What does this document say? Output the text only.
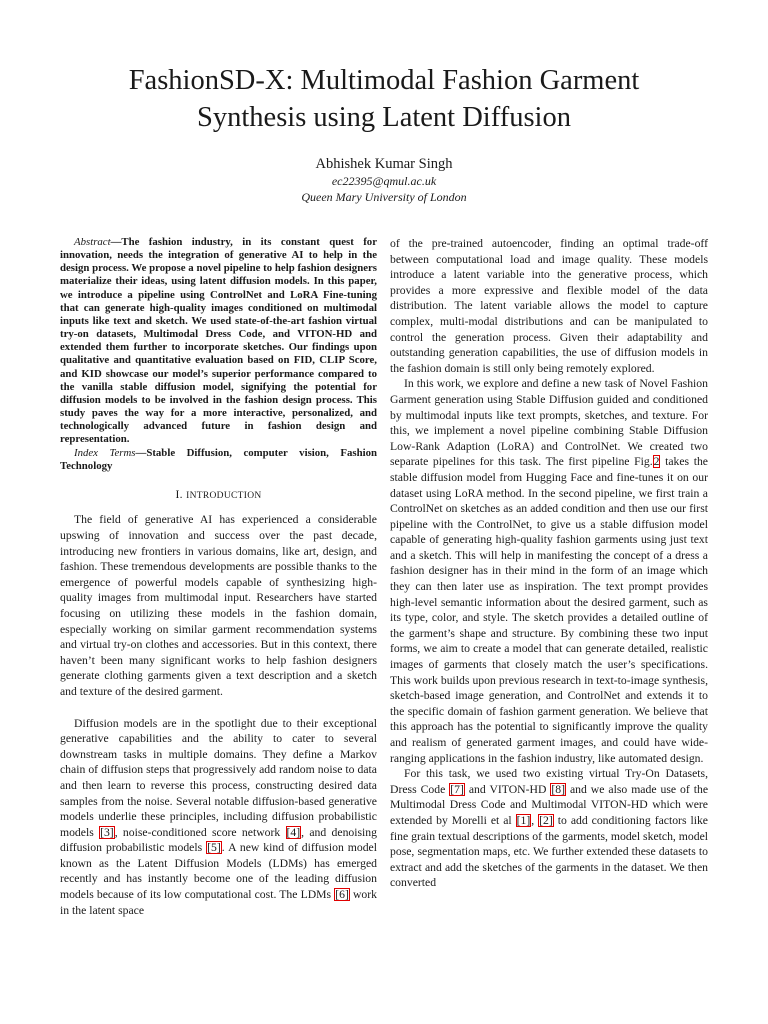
FashionSD-X: Multimodal Fashion Garment
Synthesis using Latent Diffusion
Abhishek Kumar Singh
ec22395@qmul.ac.uk
Queen Mary University of London

Abstract—The fashion industry, in its constant quest for innovation, needs the integration of generative AI to help in the design process. We propose a novel pipeline to help fashion designers materialize their ideas, using latent diffusion models. In this paper, we introduce a pipeline using ControlNet and LoRA Fine-tuning that can generate high-quality images conditioned on multimodal inputs like text and sketch. We used state-of-the-art fashion virtual try-on datasets, Multimodal Dress Code, and VITON-HD and extended them further to incorporate sketches. Our findings upon qualitative and quantitative evaluation based on FID, CLIP Score, and KID showcase our model’s superior performance compared to the vanilla stable diffusion model, signifying the potential for diffusion models to be involved in the fashion design process. This study paves the way for a more interactive, personalized, and technologically advanced future in fashion design and representation.

Index Terms—Stable Diffusion, computer vision, Fashion Technology

I. INTRODUCTION

The field of generative AI has experienced a considerable upswing of innovation and success over the past decade, introducing new frontiers in various domains, like art, design, and fashion. These tremendous developments are possible thanks to the emergence of powerful models capable of synthesizing high-quality images from multimodal input. Researchers have started focusing on utilizing these models in the fashion domain, especially working on similar garment recommendation systems and virtual try-on clothes and accessories. But in this context, there haven’t been many significant works to help fashion designers generate clothing garments given a text description and a sketch and texture of the desired garment.

Diffusion models are in the spotlight due to their exceptional generative capabilities and the ability to cater to several downstream tasks in multiple domains. They define a Markov chain of diffusion steps that progressively add random noise to data and then learn to reverse this process, constructing desired data samples from the noise. Several notable diffusion-based generative models underlie these principles, including diffusion probabilistic models [3], noise-conditioned score network [4], and denoising diffusion probabilistic models [5]. A new kind of diffusion model known as the Latent Diffusion Models (LDMs) has emerged recently and has instantly become one of the leading diffusion models because of its low computational cost. The LDMs [6] work in the latent space

of the pre-trained autoencoder, finding an optimal trade-off between computational load and image quality. These models introduce a latent variable into the generative process, which provides a more expressive and flexible model of the data distribution. The latent variable allows the model to capture complex, multi-modal distributions and can be manipulated to control the generation process. Given their adaptability and outstanding generation capabilities, the use of diffusion models in the fashion domain is still only being remotely explored.

In this work, we explore and define a new task of Novel Fashion Garment generation using Stable Diffusion guided and conditioned by multimodal inputs like text prompts, sketches, and texture. For this, we implement a novel pipeline combining Stable Diffusion Low-Rank Adaption (LoRA) and ControlNet. We created two separate pipelines for this task. The first pipeline Fig.2 takes the stable diffusion model from Hugging Face and fine-tunes it on our dataset using LoRA method. In the second pipeline, we first train a ControlNet on sketches as an added condition and then use our first pipeline with the ControlNet, to give us a stable diffusion model capable of generating high-quality fashion garments using just text and a sketch. This will help in manifesting the concept of a dress a fashion designer has in their mind in the form of an image which they can then later use as inspiration. The text prompt provides high-level semantic information about the desired garment, such as its type, color, and style. The sketch provides a detailed outline of the garment’s shape and structure. By combining these two input forms, we aim to create a model that can generate detailed, realistic images of garments that closely match the user’s specifications. This work builds upon previous research in text-to-image synthesis, sketch-based image generation, and ControlNet and extends it to the specific domain of fashion garment generation. We believe that this approach has the potential to significantly improve the quality and realism of generated garment images, and could have wide-ranging applications in the fashion industry, like automated design.

For this task, we used two existing virtual Try-On Datasets, Dress Code [7] and VITON-HD [8] and we also made use of the Multimodal Dress Code and Multimodal VITON-HD which were extended by Morelli et al [1], [2] to add conditioning factors like fine grain textual descriptions of the garments, model sketch, model pose, segmentation maps, etc. We further extended these datasets to extract and add the sketches of the garments in the dataset. We then converted
